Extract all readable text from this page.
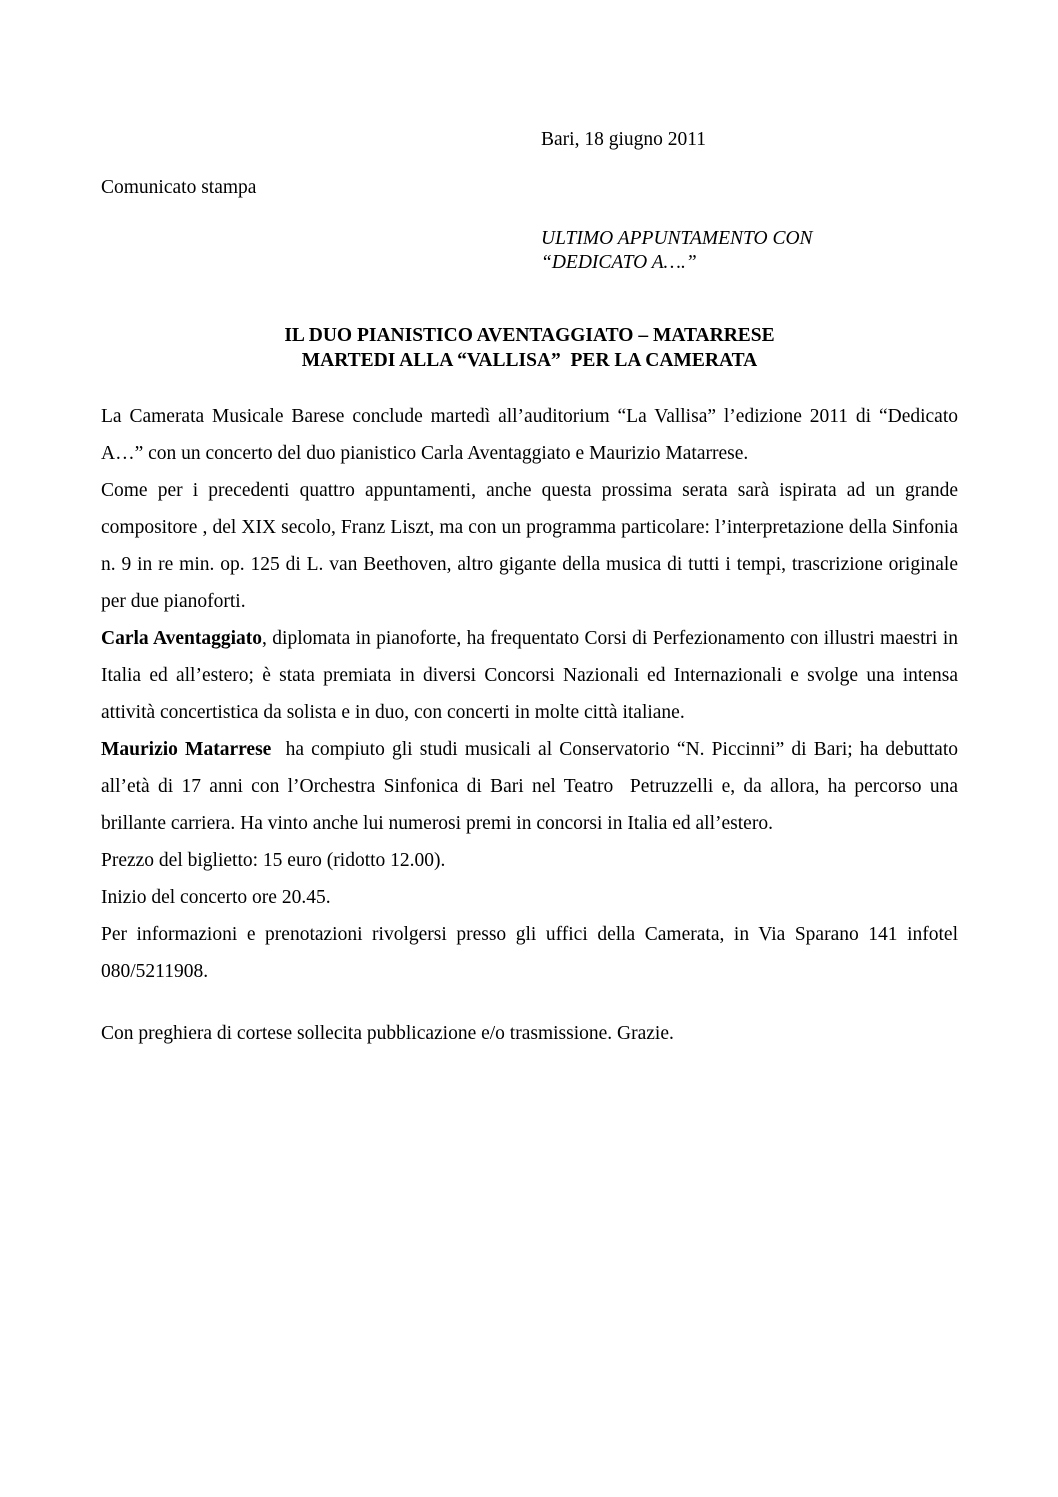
Bari, 18 giugno 2011
Comunicato stampa
ULTIMO APPUNTAMENTO CON
“DEDICATO A….”
IL DUO PIANISTICO AVENTAGGIATO – MATARRESE
MARTEDI ALLA “VALLISA”  PER LA CAMERATA

La Camerata Musicale Barese conclude martedì all’auditorium “La Vallisa” l’edizione 2011 di “Dedicato A…” con un concerto del duo pianistico Carla Aventaggiato e Maurizio Matarrese.

Come per i precedenti quattro appuntamenti, anche questa prossima serata sarà ispirata ad un grande compositore , del XIX secolo, Franz Liszt, ma con un programma particolare: l’interpretazione della Sinfonia n. 9 in re min. op. 125 di L. van Beethoven, altro gigante della musica di tutti i tempi, trascrizione originale per due pianoforti.

Carla Aventaggiato, diplomata in pianoforte, ha frequentato Corsi di Perfezionamento con illustri maestri in Italia ed all’estero; è stata premiata in diversi Concorsi Nazionali ed Internazionali e svolge una intensa attività concertistica da solista e in duo, con concerti in molte città italiane.

Maurizio Matarrese  ha compiuto gli studi musicali al Conservatorio “N. Piccinni” di Bari; ha debuttato all’età di 17 anni con l’Orchestra Sinfonica di Bari nel Teatro  Petruzzelli e, da allora, ha percorso una brillante carriera. Ha vinto anche lui numerosi premi in concorsi in Italia ed all’estero.

Prezzo del biglietto: 15 euro (ridotto 12.00).

Inizio del concerto ore 20.45.

Per informazioni e prenotazioni rivolgersi presso gli uffici della Camerata, in Via Sparano 141 infotel 080/5211908.

Con preghiera di cortese sollecita pubblicazione e/o trasmissione. Grazie.
